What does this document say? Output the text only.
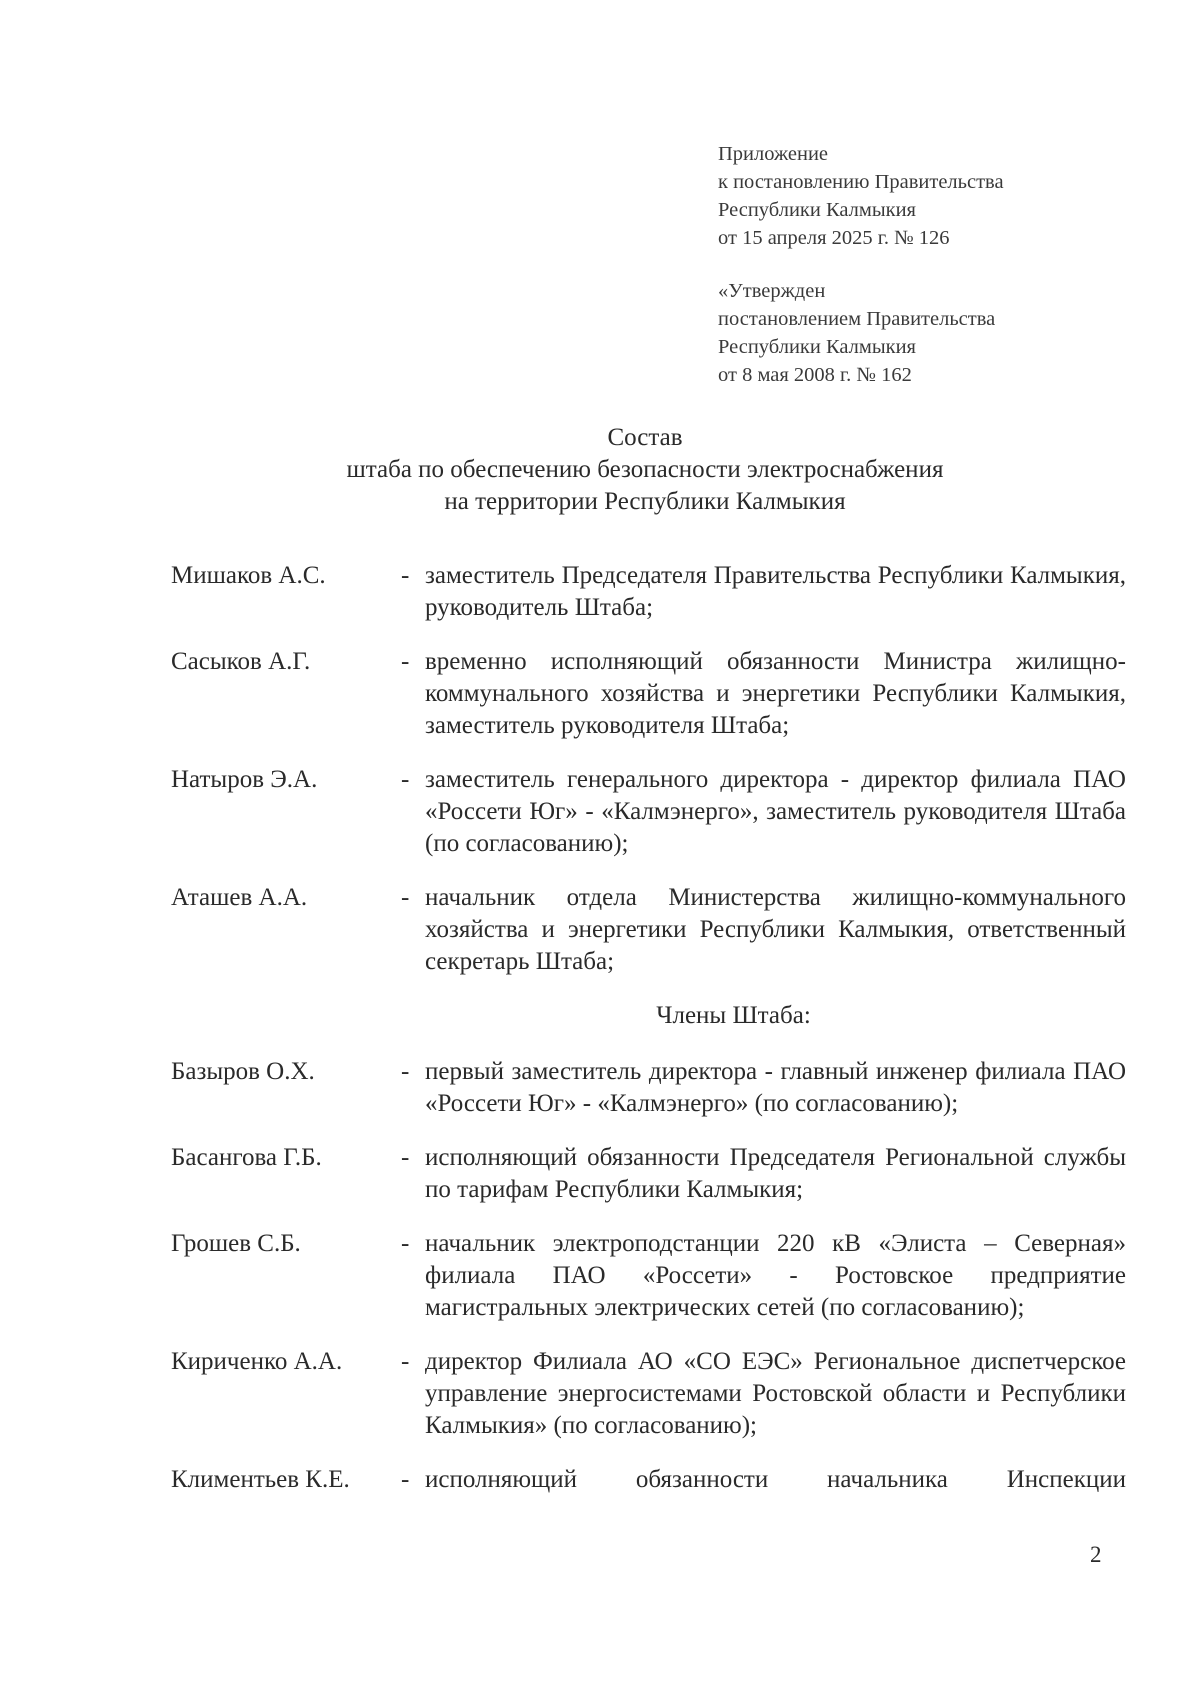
Приложение
к постановлению Правительства
Республики Калмыкия
от 15 апреля 2025 г. № 126
«Утвержден
постановлением Правительства
Республики Калмыкия
от 8 мая 2008 г. № 162
Состав
штаба по обеспечению безопасности электроснабжения
на территории Республики Калмыкия
Мишаков А.С.	- заместитель Председателя Правительства Республики Калмыкия, руководитель Штаба;
Сасыков А.Г.	- временно исполняющий обязанности Министра жилищно-коммунального хозяйства и энергетики Республики Калмыкия, заместитель руководителя Штаба;
Натыров Э.А.	- заместитель генерального директора - директор филиала ПАО «Россети Юг» - «Калмэнерго», заместитель руководителя Штаба (по согласованию);
Аташев А.А.	- начальник отдела Министерства жилищно-коммунального хозяйства и энергетики Республики Калмыкия, ответственный секретарь Штаба;
Члены Штаба:
Базыров О.Х.	- первый заместитель директора - главный инженер филиала ПАО «Россети Юг» - «Калмэнерго» (по согласованию);
Басангова Г.Б.	- исполняющий обязанности Председателя Региональной службы по тарифам Республики Калмыкия;
Грошев С.Б.	- начальник электроподстанции 220 кВ «Элиста – Северная» филиала ПАО «Россети» - Ростовское предприятие магистральных электрических сетей (по согласованию);
Кириченко А.А.	- директор Филиала АО «СО ЕЭС» Региональное диспетчерское управление энергосистемами Ростовской области и Республики Калмыкия» (по согласованию);
Климентьев К.Е.	- исполняющий обязанности начальника Инспекции
2
